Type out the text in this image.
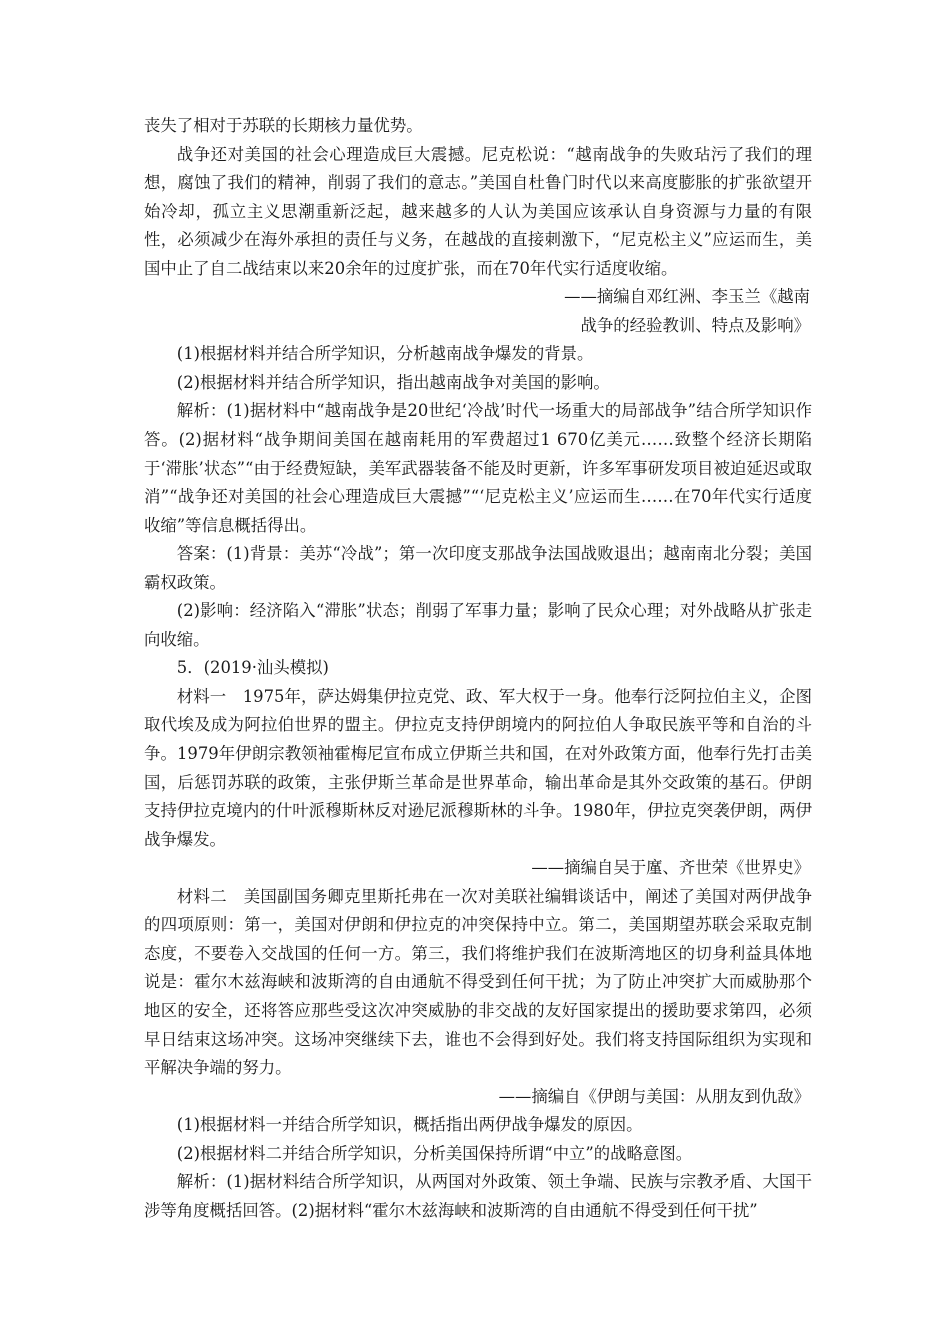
丧失了相对于苏联的长期核力量优势。

战争还对美国的社会心理造成巨大震撼。尼克松说：“越南战争的失败玷污了我们的理想，腐蚀了我们的精神，削弱了我们的意志。”美国自杜鲁门时代以来高度膨胀的扩张欲望开始冷却，孤立主义思潮重新泛起，越来越多的人认为美国应该承认自身资源与力量的有限性，必须减少在海外承担的责任与义务，在越战的直接刺激下，“尼克松主义”应运而生，美国中止了自二战结束以来20余年的过度扩张，而在70年代实行适度收缩。

——摘编自邓红洲、李玉兰《越南
战争的经验教训、特点及影响》

(1)根据材料并结合所学知识，分析越南战争爆发的背景。

(2)根据材料并结合所学知识，指出越南战争对美国的影响。

解析：(1)据材料中“越南战争是20世纪‘冷战’时代一场重大的局部战争”结合所学知识作答。(2)据材料“战争期间美国在越南耗用的军费超过1 670亿美元……致整个经济长期陷于‘滞胀’状态”“由于经费短缺，美军武器装备不能及时更新，许多军事研发项目被迫延迟或取消”“战争还对美国的社会心理造成巨大震撼”“‘尼克松主义’应运而生……在70年代实行适度收缩”等信息概括得出。

答案：(1)背景：美苏“冷战”；第一次印度支那战争法国战败退出；越南南北分裂；美国霸权政策。

(2)影响：经济陷入“滞胀”状态；削弱了军事力量；影响了民众心理；对外战略从扩张走向收缩。

5．(2019·汕头模拟)

材料一　1975年，萨达姆集伊拉克党、政、军大权于一身。他奉行泛阿拉伯主义，企图取代埃及成为阿拉伯世界的盟主。伊拉克支持伊朗境内的阿拉伯人争取民族平等和自治的斗争。1979年伊朗宗教领袖霍梅尼宣布成立伊斯兰共和国，在对外政策方面，他奉行先打击美国，后惩罚苏联的政策，主张伊斯兰革命是世界革命，输出革命是其外交政策的基石。伊朗支持伊拉克境内的什叶派穆斯林反对逊尼派穆斯林的斗争。1980年，伊拉克突袭伊朗，两伊战争爆发。

——摘编自吴于廑、齐世荣《世界史》

材料二　美国副国务卿克里斯托弗在一次对美联社编辑谈话中，阐述了美国对两伊战争的四项原则：第一，美国对伊朗和伊拉克的冲突保持中立。第二，美国期望苏联会采取克制态度，不要卷入交战国的任何一方。第三，我们将维护我们在波斯湾地区的切身利益具体地说是：霍尔木兹海峡和波斯湾的自由通航不得受到任何干扰；为了防止冲突扩大而威胁那个地区的安全，还将答应那些受这次冲突威胁的非交战的友好国家提出的援助要求第四，必须早日结束这场冲突。这场冲突继续下去，谁也不会得到好处。我们将支持国际组织为实现和平解决争端的努力。

——摘编自《伊朗与美国：从朋友到仇敌》

(1)根据材料一并结合所学知识，概括指出两伊战争爆发的原因。

(2)根据材料二并结合所学知识，分析美国保持所谓“中立”的战略意图。

解析：(1)据材料结合所学知识，从两国对外政策、领土争端、民族与宗教矛盾、大国干涉等角度概括回答。(2)据材料“霍尔木兹海峡和波斯湾的自由通航不得受到任何干扰”
